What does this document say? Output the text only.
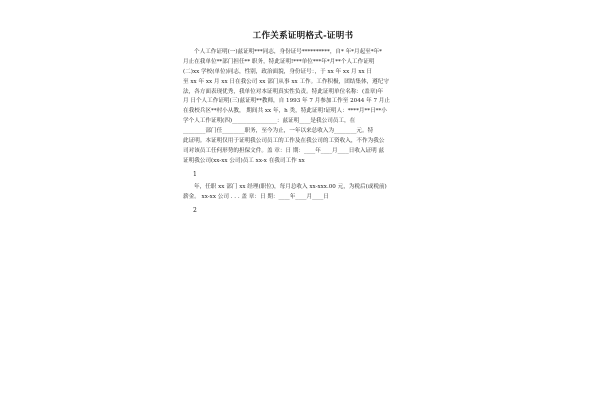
工作关系证明格式-证明书

个人工作证明(一)兹证明***同志，身份证号**********，自* 年*月起至*年*

月止在我单位**部门担任** 职务，特此证明!***单位***年*月**个人工作证明

(二)xx 学校(单位)同志，性别，政治面貌，身份证号：，于 xx 年 xx 月 xx 日

至 xx 年 xx 月 xx 日在我公司 xx 部门从事 xx 工作。工作积极，团结集体，遵纪守

法，各方面表现优秀，我单位对本证明真实性负责。特此证明单位名称：(盖章)年

月 日个人工作证明(三)兹证明**教师，自 1993 年 7 月参加工作至 2044 年 7 月止

在我校兵区**村小从教， 期间共 xx 年，h 类，特此证明!证明人：****月**日**小

学个人工作证明(四)________________：兹证明____是我公司员工，在

________部门任________职务，至今为止，一年以来总收入为________元。特

此证明。本证明仅用于证明我公司员工的工作及在我公司的工资收入，不作为我公

司对该员工任何形势的担保文件。盖 章：日 期：____年____月____日收入证明 兹

证明我公司(xx-xx 公司)员工 xx-x 在我司工作 xx

1

年，任职 xx 部门 xx 经理(职位)，每月总收入 xx-xxx.00 元，为税后(或税前)

薪金。 xx-xx 公司 . . . 盖 章：日 期：____年____月____日

2
